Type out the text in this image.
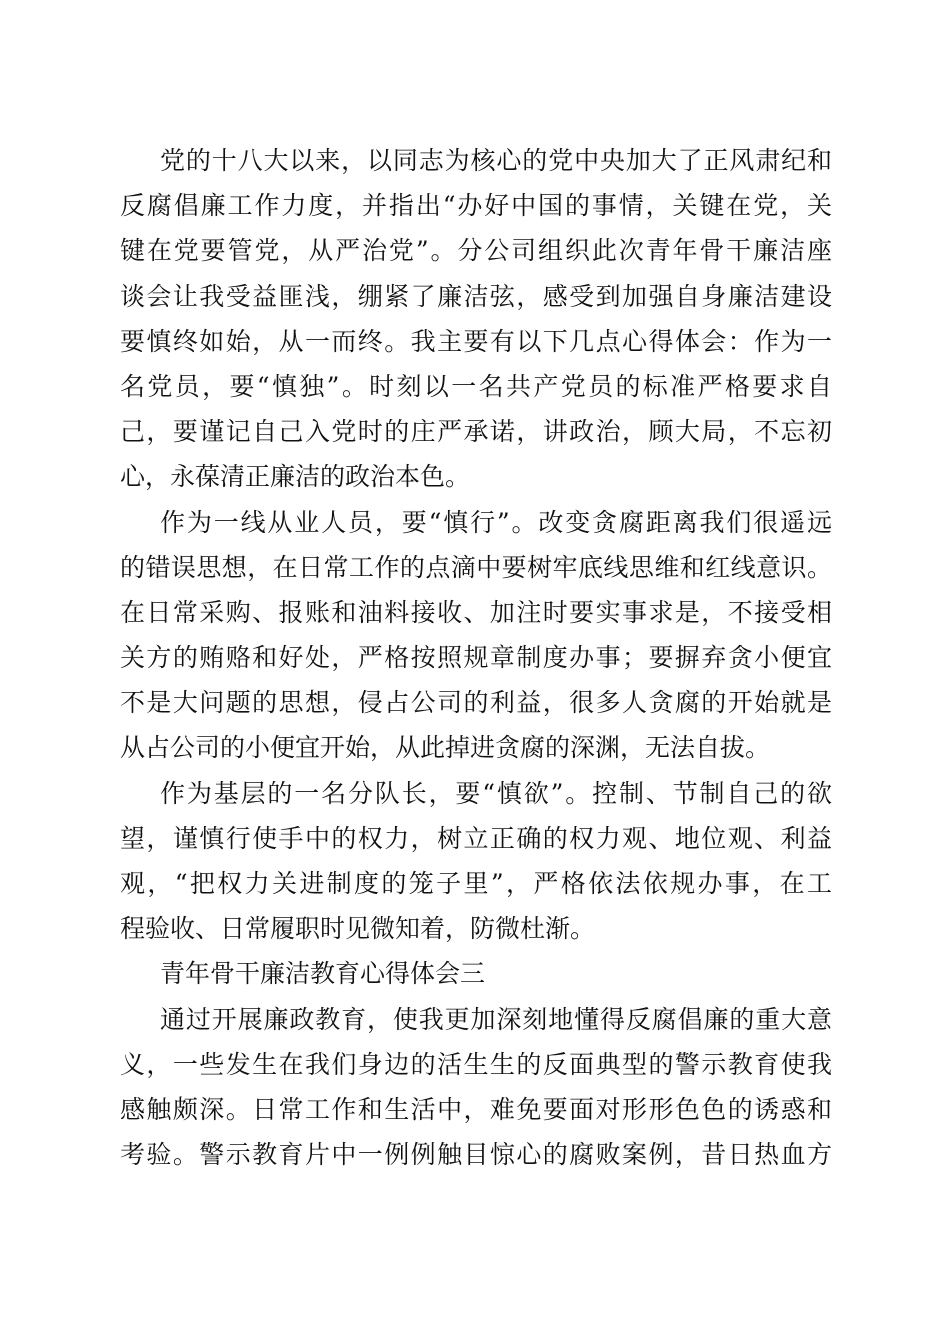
党的十八大以来，以同志为核心的党中央加大了正风肃纪和
反腐倡廉工作力度，并指出“办好中国的事情，关键在党，关
键在党要管党，从严治党”。分公司组织此次青年骨干廉洁座
谈会让我受益匪浅，绷紧了廉洁弦，感受到加强自身廉洁建设
要慎终如始，从一而终。我主要有以下几点心得体会：作为一
名党员，要“慎独”。时刻以一名共产党员的标准严格要求自
己，要谨记自己入党时的庄严承诺，讲政治，顾大局，不忘初
心，永葆清正廉洁的政治本色。
作为一线从业人员，要“慎行”。改变贪腐距离我们很遥远
的错误思想，在日常工作的点滴中要树牢底线思维和红线意识。
在日常采购、报账和油料接收、加注时要实事求是，不接受相
关方的贿赂和好处，严格按照规章制度办事；要摒弃贪小便宜
不是大问题的思想，侵占公司的利益，很多人贪腐的开始就是
从占公司的小便宜开始，从此掉进贪腐的深渊，无法自拔。
作为基层的一名分队长，要“慎欲”。控制、节制自己的欲
望，谨慎行使手中的权力，树立正确的权力观、地位观、利益
观，“把权力关进制度的笼子里”，严格依法依规办事，在工
程验收、日常履职时见微知着，防微杜渐。
青年骨干廉洁教育心得体会三
通过开展廉政教育，使我更加深刻地懂得反腐倡廉的重大意
义，一些发生在我们身边的活生生的反面典型的警示教育使我
感触颇深。日常工作和生活中，难免要面对形形色色的诱惑和
考验。警示教育片中一例例触目惊心的腐败案例，昔日热血方
